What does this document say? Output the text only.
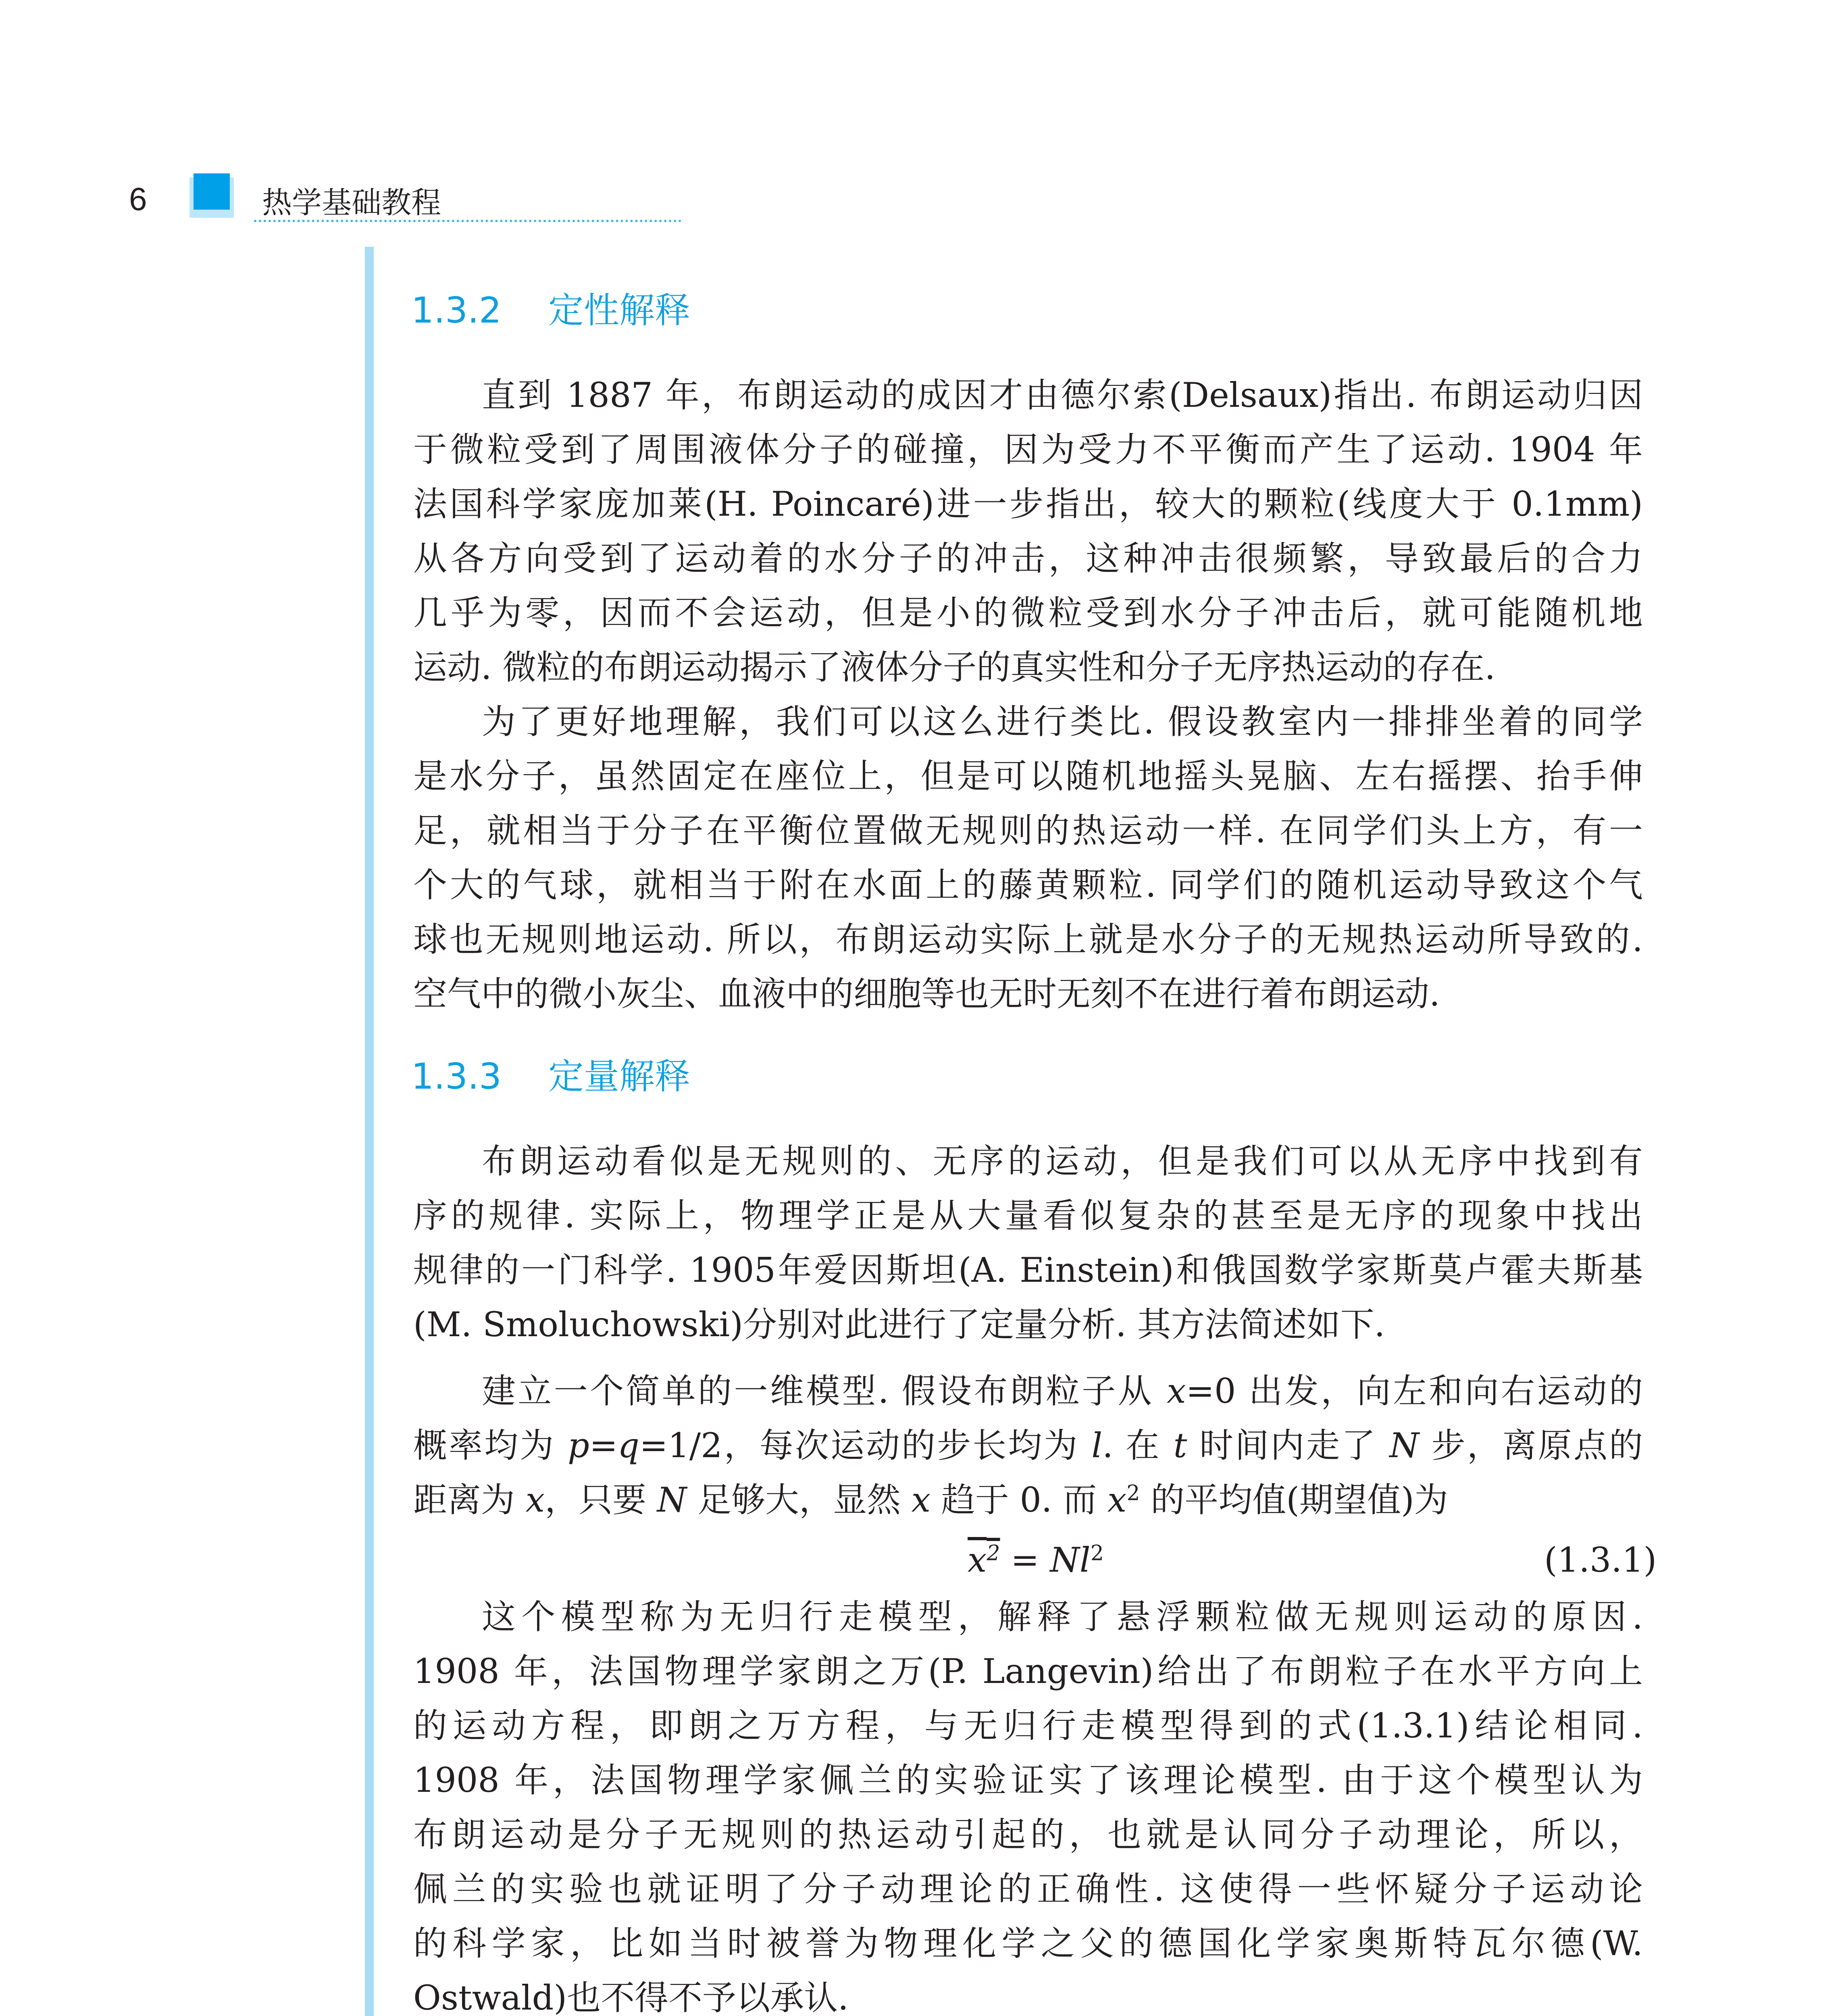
6	热学基础教程
1.3.2 定性解释
直到 1887 年，布朗运动的成因才由德尔索(Delsaux)指出. 布朗运动归因
于微粒受到了周围液体分子的碰撞，因为受力不平衡而产生了运动. 1904 年
法国科学家庞加莱(H. Poincaré)进一步指出，较大的颗粒(线度大于 0.1mm)
从各方向受到了运动着的水分子的冲击，这种冲击很频繁，导致最后的合力
几乎为零，因而不会运动，但是小的微粒受到水分子冲击后，就可能随机地
运动. 微粒的布朗运动揭示了液体分子的真实性和分子无序热运动的存在.
为了更好地理解，我们可以这么进行类比. 假设教室内一排排坐着的同学
是水分子，虽然固定在座位上，但是可以随机地摇头晃脑、左右摇摆、抬手伸
足，就相当于分子在平衡位置做无规则的热运动一样. 在同学们头上方，有一
个大的气球，就相当于附在水面上的藤黄颗粒. 同学们的随机运动导致这个气
球也无规则地运动. 所以，布朗运动实际上就是水分子的无规热运动所导致的.
空气中的微小灰尘、血液中的细胞等也无时无刻不在进行着布朗运动.
1.3.3 定量解释
布朗运动看似是无规则的、无序的运动，但是我们可以从无序中找到有
序的规律. 实际上，物理学正是从大量看似复杂的甚至是无序的现象中找出
规律的一门科学. 1905年爱因斯坦(A. Einstein)和俄国数学家斯莫卢霍夫斯基
(M. Smoluchowski)分别对此进行了定量分析. 其方法简述如下.
建立一个简单的一维模型. 假设布朗粒子从 x=0 出发，向左和向右运动的
概率均为 p=q=1/2，每次运动的步长均为 l. 在 t 时间内走了 N 步，离原点的
距离为 x，只要 N 足够大，显然 x 趋于 0. 而 $x^2$ 的平均值(期望值)为
$x^2 = Nl^2$	(1.3.1)
这个模型称为无归行走模型，解释了悬浮颗粒做无规则运动的原因.
1908 年，法国物理学家朗之万(P. Langevin)给出了布朗粒子在水平方向上
的运动方程，即朗之万方程，与无归行走模型得到的式(1.3.1)结论相同.
1908 年，法国物理学家佩兰的实验证实了该理论模型. 由于这个模型认为
布朗运动是分子无规则的热运动引起的，也就是认同分子动理论，所以，
佩兰的实验也就证明了分子动理论的正确性. 这使得一些怀疑分子运动论
的科学家，比如当时被誉为物理化学之父的德国化学家奥斯特瓦尔德(W.
Ostwald)也不得不予以承认.
